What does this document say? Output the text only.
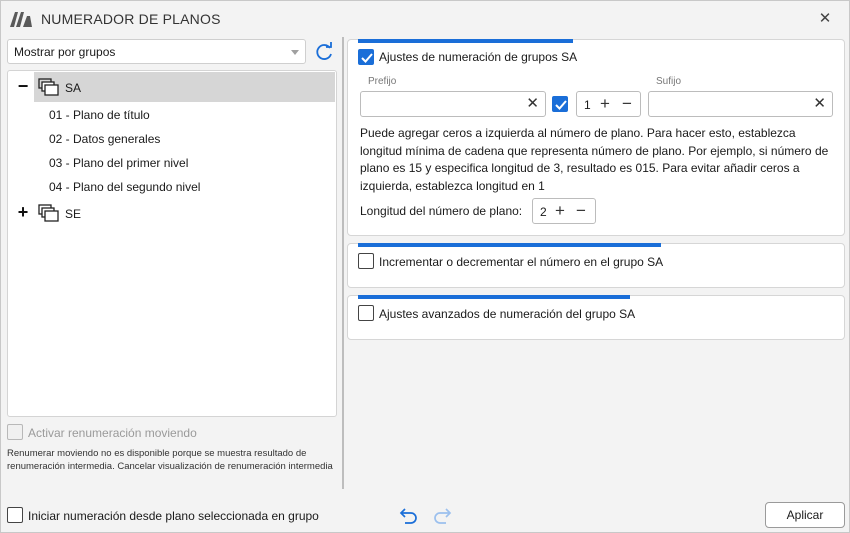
NUMERADOR DE PLANOS	✕
Mostrar por grupos
−	SA
01 - Plano de título
02 - Datos generales
03 - Plano del primer nivel
04 - Plano del segundo nivel
+	SE
Activar renumeración moviendo
Renumerar moviendo no es disponible porque se muestra resultado de renumeración intermedia. Cancelar visualización de renumeración intermedia
Ajustes de numeración de grupos SA
Prefijo
✕	1 + −
Sufijo
✕
Puede agregar ceros a izquierda al número de plano. Para hacer esto, establezca longitud mínima de cadena que representa número de plano. Por ejemplo, si número de plano es 15 y especifica longitud de 3, resultado es 015. Para evitar añadir ceros a izquierda, establezca longitud en 1
Longitud del número de plano: 2 + −
Incrementar o decrementar el número en el grupo SA
Ajustes avanzados de numeración del grupo SA
Iniciar numeración desde plano seleccionada en grupo	Aplicar
